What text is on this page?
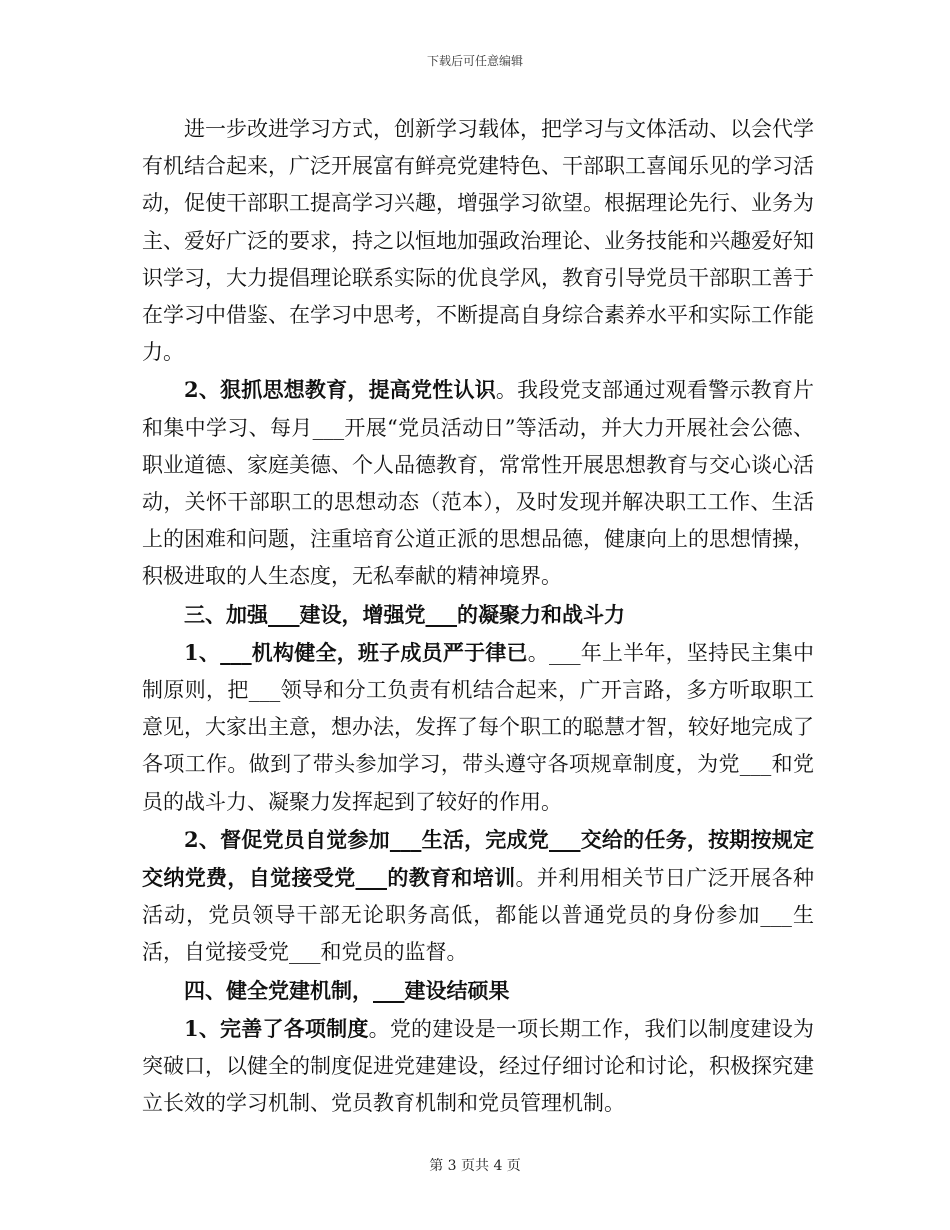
下载后可任意编辑

进一步改进学习方式，创新学习载体，把学习与文体活动、以会代学有机结合起来，广泛开展富有鲜亮党建特色、干部职工喜闻乐见的学习活动，促使干部职工提高学习兴趣，增强学习欲望。根据理论先行、业务为主、爱好广泛的要求，持之以恒地加强政治理论、业务技能和兴趣爱好知识学习，大力提倡理论联系实际的优良学风，教育引导党员干部职工善于在学习中借鉴、在学习中思考，不断提高自身综合素养水平和实际工作能力。

2、狠抓思想教育，提高党性认识。我段党支部通过观看警示教育片和集中学习、每月___开展“党员活动日”等活动，并大力开展社会公德、职业道德、家庭美德、个人品德教育，常常性开展思想教育与交心谈心活动，关怀干部职工的思想动态（范本），及时发现并解决职工工作、生活上的困难和问题，注重培育公道正派的思想品德，健康向上的思想情操，积极进取的人生态度，无私奉献的精神境界。

三、加强___建设，增强党___的凝聚力和战斗力

1、___机构健全，班子成员严于律已。___年上半年，坚持民主集中制原则，把___领导和分工负责有机结合起来，广开言路，多方听取职工意见，大家出主意，想办法，发挥了每个职工的聪慧才智，较好地完成了各项工作。做到了带头参加学习，带头遵守各项规章制度，为党___和党员的战斗力、凝聚力发挥起到了较好的作用。

2、督促党员自觉参加___生活，完成党___交给的任务，按期按规定交纳党费，自觉接受党___的教育和培训。并利用相关节日广泛开展各种活动，党员领导干部无论职务高低，都能以普通党员的身份参加___生活，自觉接受党___和党员的监督。

四、健全党建机制，___建设结硕果

1、完善了各项制度。党的建设是一项长期工作，我们以制度建设为突破口，以健全的制度促进党建建设，经过仔细讨论和讨论，积极探究建立长效的学习机制、党员教育机制和党员管理机制。

第 3 页共 4 页
